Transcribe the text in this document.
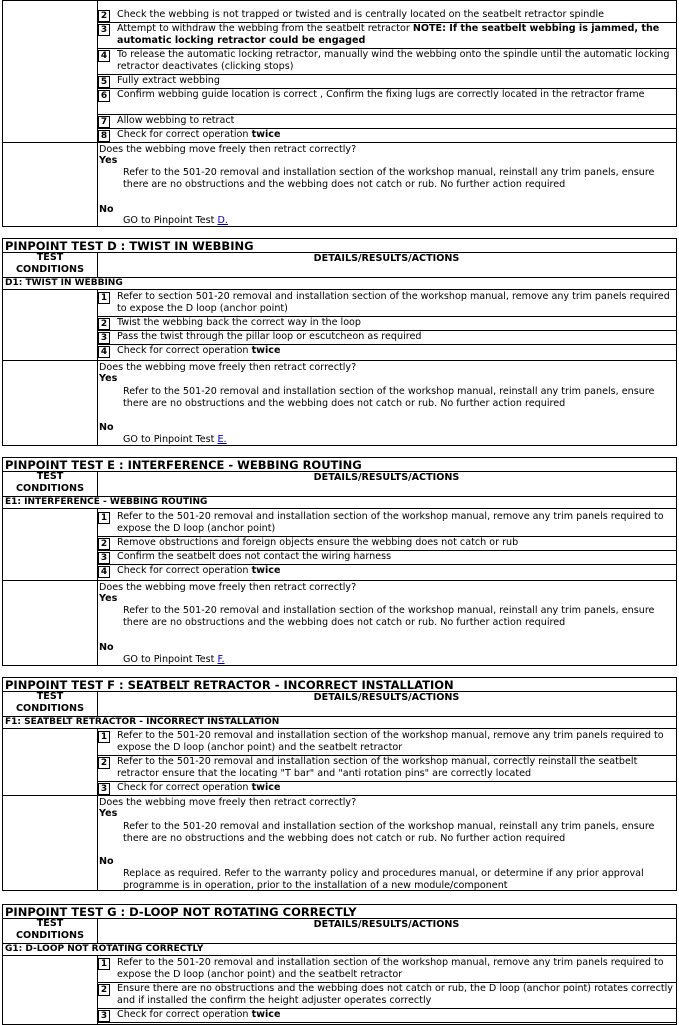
2 Check the webbing is not trapped or twisted and is centrally located on the seatbelt retractor spindle
3 Attempt to withdraw the webbing from the seatbelt retractor NOTE: If the seatbelt webbing is jammed, the automatic locking retractor could be engaged
4 To release the automatic locking retractor, manually wind the webbing onto the spindle until the automatic locking retractor deactivates (clicking stops)
5 Fully extract webbing
6 Confirm webbing guide location is correct , Confirm the fixing lugs are correctly located in the retractor frame
7 Allow webbing to retract
8 Check for correct operation twice
Does the webbing move freely then retract correctly?
Yes
Refer to the 501-20 removal and installation section of the workshop manual, reinstall any trim panels, ensure there are no obstructions and the webbing does not catch or rub. No further action required
No
GO to Pinpoint Test D.
PINPOINT TEST D : TWIST IN WEBBING
TEST CONDITIONS
DETAILS/RESULTS/ACTIONS
D1: TWIST IN WEBBING
1 Refer to section 501-20 removal and installation section of the workshop manual, remove any trim panels required to expose the D loop (anchor point)
2 Twist the webbing back the correct way in the loop
3 Pass the twist through the pillar loop or escutcheon as required
4 Check for correct operation twice
Does the webbing move freely then retract correctly?
Yes
Refer to the 501-20 removal and installation section of the workshop manual, reinstall any trim panels, ensure there are no obstructions and the webbing does not catch or rub. No further action required
No
GO to Pinpoint Test E.
PINPOINT TEST E : INTERFERENCE - WEBBING ROUTING
TEST CONDITIONS
DETAILS/RESULTS/ACTIONS
E1: INTERFERENCE - WEBBING ROUTING
1 Refer to the 501-20 removal and installation section of the workshop manual, remove any trim panels required to expose the D loop (anchor point)
2 Remove obstructions and foreign objects ensure the webbing does not catch or rub
3 Confirm the seatbelt does not contact the wiring harness
4 Check for correct operation twice
Does the webbing move freely then retract correctly?
Yes
Refer to the 501-20 removal and installation section of the workshop manual, reinstall any trim panels, ensure there are no obstructions and the webbing does not catch or rub. No further action required
No
GO to Pinpoint Test F.
PINPOINT TEST F : SEATBELT RETRACTOR - INCORRECT INSTALLATION
TEST CONDITIONS
DETAILS/RESULTS/ACTIONS
F1: SEATBELT RETRACTOR - INCORRECT INSTALLATION
1 Refer to the 501-20 removal and installation section of the workshop manual, remove any trim panels required to expose the D loop (anchor point) and the seatbelt retractor
2 Refer to the 501-20 removal and installation section of the workshop manual, correctly reinstall the seatbelt retractor ensure that the locating "T bar" and "anti rotation pins" are correctly located
3 Check for correct operation twice
Does the webbing move freely then retract correctly?
Yes
Refer to the 501-20 removal and installation section of the workshop manual, reinstall any trim panels, ensure there are no obstructions and the webbing does not catch or rub. No further action required
No
Replace as required. Refer to the warranty policy and procedures manual, or determine if any prior approval programme is in operation, prior to the installation of a new module/component
PINPOINT TEST G : D-LOOP NOT ROTATING CORRECTLY
TEST CONDITIONS
DETAILS/RESULTS/ACTIONS
G1: D-LOOP NOT ROTATING CORRECTLY
1 Refer to the 501-20 removal and installation section of the workshop manual, remove any trim panels required to expose the D loop (anchor point) and the seatbelt retractor
2 Ensure there are no obstructions and the webbing does not catch or rub, the D loop (anchor point) rotates correctly and if installed the confirm the height adjuster operates correctly
3 Check for correct operation twice
